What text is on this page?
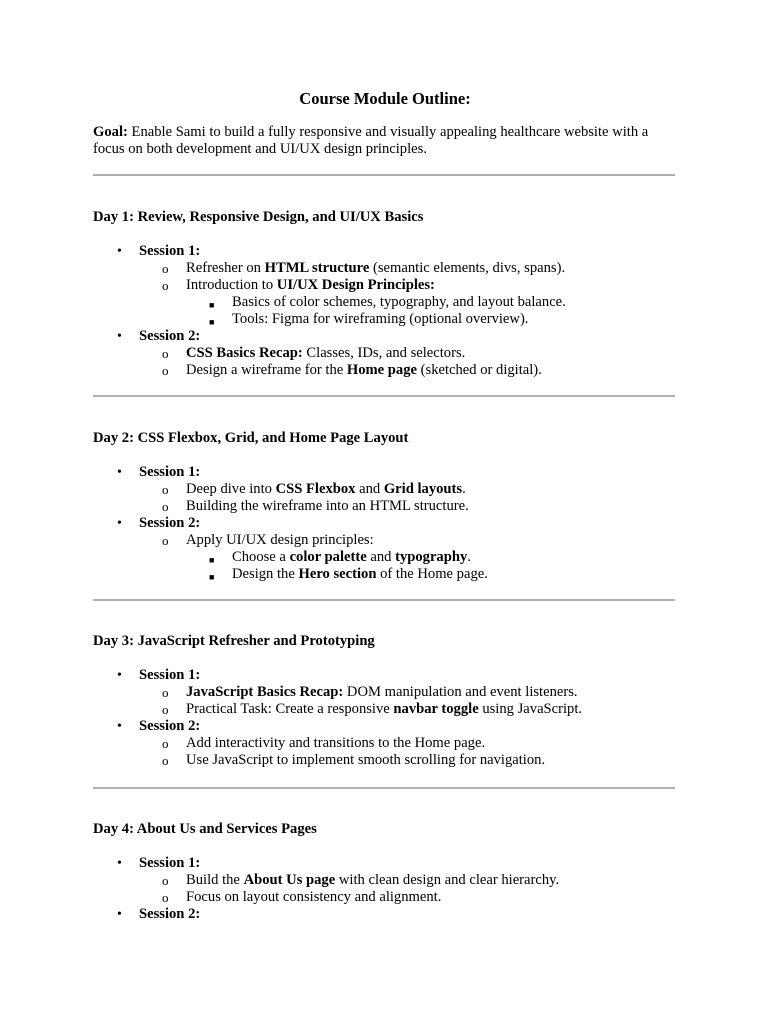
Course Module Outline:
Goal: Enable Sami to build a fully responsive and visually appealing healthcare website with a focus on both development and UI/UX design principles.
Day 1: Review, Responsive Design, and UI/UX Basics
• Session 1:
o Refresher on HTML structure (semantic elements, divs, spans).
o Introduction to UI/UX Design Principles:
■ Basics of color schemes, typography, and layout balance.
■ Tools: Figma for wireframing (optional overview).
• Session 2:
o CSS Basics Recap: Classes, IDs, and selectors.
o Design a wireframe for the Home page (sketched or digital).
Day 2: CSS Flexbox, Grid, and Home Page Layout
• Session 1:
o Deep dive into CSS Flexbox and Grid layouts.
o Building the wireframe into an HTML structure.
• Session 2:
o Apply UI/UX design principles:
■ Choose a color palette and typography.
■ Design the Hero section of the Home page.
Day 3: JavaScript Refresher and Prototyping
• Session 1:
o JavaScript Basics Recap: DOM manipulation and event listeners.
o Practical Task: Create a responsive navbar toggle using JavaScript.
• Session 2:
o Add interactivity and transitions to the Home page.
o Use JavaScript to implement smooth scrolling for navigation.
Day 4: About Us and Services Pages
• Session 1:
o Build the About Us page with clean design and clear hierarchy.
o Focus on layout consistency and alignment.
• Session 2:
